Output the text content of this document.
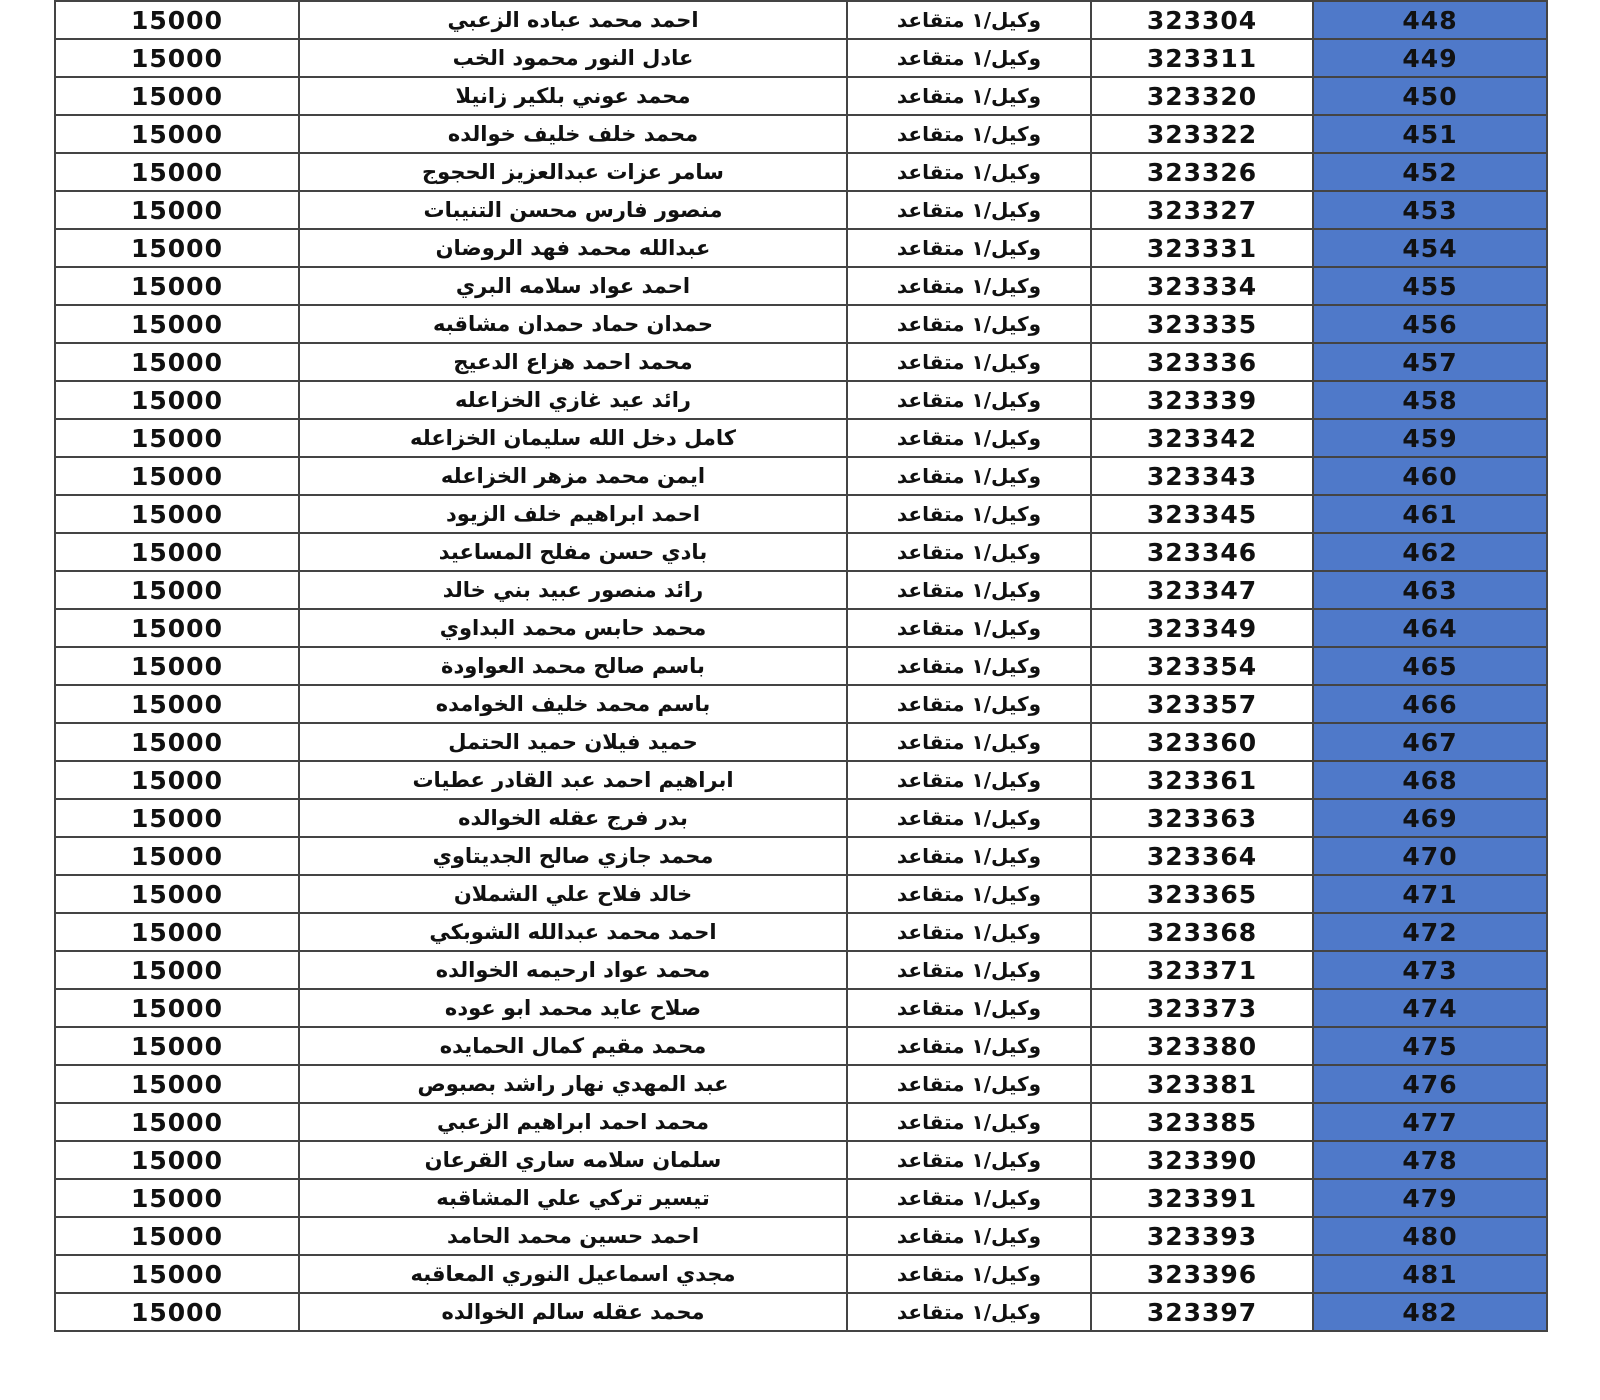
15000	احمد محمد عباده الزعبي	وكيل/١ متقاعد	323304	448
15000	عادل النور محمود الخب	وكيل/١ متقاعد	323311	449
15000	محمد عوني بلكير زانيلا	وكيل/١ متقاعد	323320	450
15000	محمد خلف خليف خوالده	وكيل/١ متقاعد	323322	451
15000	سامر عزات عبدالعزيز الحجوج	وكيل/١ متقاعد	323326	452
15000	منصور فارس محسن التنيبات	وكيل/١ متقاعد	323327	453
15000	عبدالله محمد فهد الروضان	وكيل/١ متقاعد	323331	454
15000	احمد عواد سلامه البري	وكيل/١ متقاعد	323334	455
15000	حمدان حماد حمدان مشاقبه	وكيل/١ متقاعد	323335	456
15000	محمد احمد هزاع الدعيج	وكيل/١ متقاعد	323336	457
15000	رائد عيد غازي الخزاعله	وكيل/١ متقاعد	323339	458
15000	كامل دخل الله سليمان الخزاعله	وكيل/١ متقاعد	323342	459
15000	ايمن محمد مزهر الخزاعله	وكيل/١ متقاعد	323343	460
15000	احمد ابراهيم خلف الزيود	وكيل/١ متقاعد	323345	461
15000	بادي حسن مفلح المساعيد	وكيل/١ متقاعد	323346	462
15000	رائد منصور عبيد بني خالد	وكيل/١ متقاعد	323347	463
15000	محمد حابس محمد البداوي	وكيل/١ متقاعد	323349	464
15000	باسم صالح محمد العواودة	وكيل/١ متقاعد	323354	465
15000	باسم محمد خليف الخوامده	وكيل/١ متقاعد	323357	466
15000	حميد فيلان حميد الحتمل	وكيل/١ متقاعد	323360	467
15000	ابراهيم احمد عبد القادر عطيات	وكيل/١ متقاعد	323361	468
15000	بدر فرج عقله الخوالده	وكيل/١ متقاعد	323363	469
15000	محمد جازي صالح الجديتاوي	وكيل/١ متقاعد	323364	470
15000	خالد فلاح علي الشملان	وكيل/١ متقاعد	323365	471
15000	احمد محمد عبدالله الشوبكي	وكيل/١ متقاعد	323368	472
15000	محمد عواد ارحيمه الخوالده	وكيل/١ متقاعد	323371	473
15000	صلاح عايد محمد ابو عوده	وكيل/١ متقاعد	323373	474
15000	محمد مقيم كمال الحمايده	وكيل/١ متقاعد	323380	475
15000	عبد المهدي نهار راشد بصبوص	وكيل/١ متقاعد	323381	476
15000	محمد احمد ابراهيم الزعبي	وكيل/١ متقاعد	323385	477
15000	سلمان سلامه ساري القرعان	وكيل/١ متقاعد	323390	478
15000	تيسير تركي علي المشاقبه	وكيل/١ متقاعد	323391	479
15000	احمد حسين محمد الحامد	وكيل/١ متقاعد	323393	480
15000	مجدي اسماعيل النوري المعاقبه	وكيل/١ متقاعد	323396	481
15000	محمد عقله سالم الخوالده	وكيل/١ متقاعد	323397	482
